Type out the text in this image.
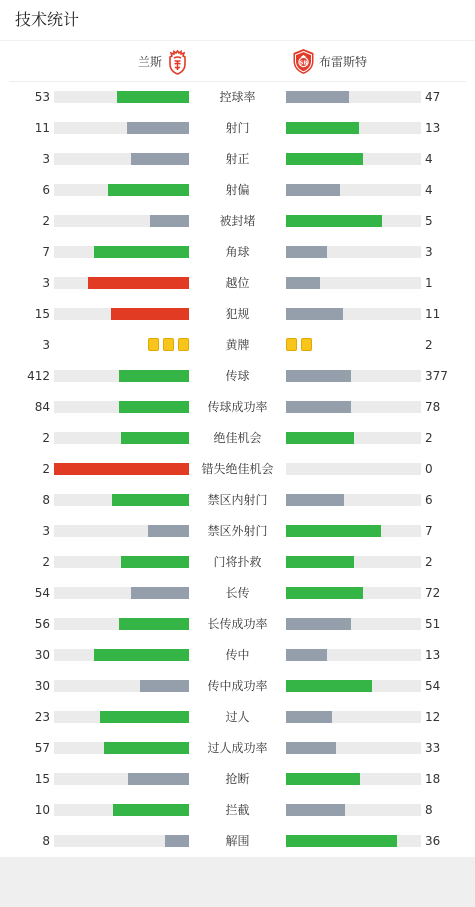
技术统计
兰斯	SB 布雷斯特
53	控球率	47
11	射门	13
3	射正	4
6	射偏	4
2	被封堵	5
7	角球	3
3	越位	1
15	犯规	11
3	黄牌	2
412	传球	377
84	传球成功率	78
2	绝佳机会	2
2	错失绝佳机会	0
8	禁区内射门	6
3	禁区外射门	7
2	门将扑救	2
54	长传	72
56	长传成功率	51
30	传中	13
30	传中成功率	54
23	过人	12
57	过人成功率	33
15	抢断	18
10	拦截	8
8	解围	36
